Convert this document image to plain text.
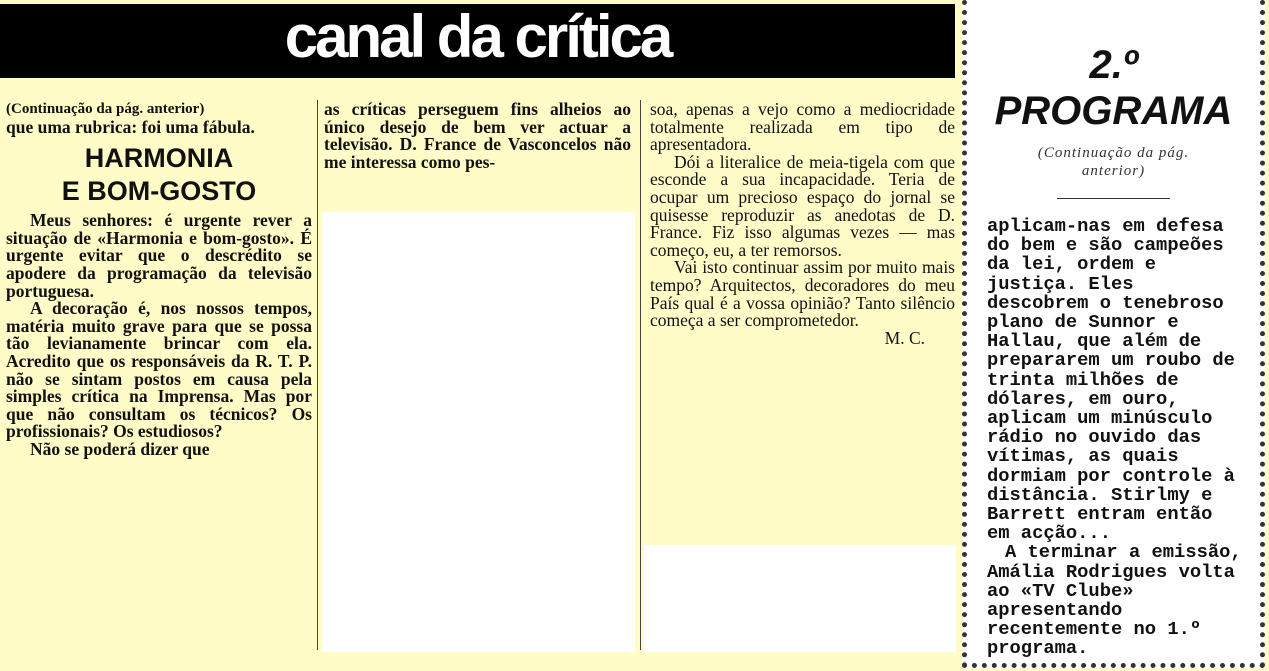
canal da crítica

(Continuação da pág. anterior)

que uma rubrica: foi uma fábula.

HARMONIA
E BOM-GOSTO

Meus senhores: é urgente rever a situação de «Harmonia e bom-gosto». É urgente evitar que o descrédito se apodere da programação da televisão portuguesa.

A decoração é, nos nossos tempos, matéria muito grave para que se possa tão levianamente brincar com ela. Acredito que os responsáveis da R. T. P. não se sintam postos em causa pela simples crítica na Imprensa. Mas por que não consultam os técnicos? Os profissionais? Os estudiosos?

Não se poderá dizer que

as críticas perseguem fins alheios ao único desejo de bem ver actuar a televisão. D. France de Vasconcelos não me interessa como pes-

soa, apenas a vejo como a mediocridade totalmente realizada em tipo de apresentadora.

Dói a literalice de meia-tigela com que esconde a sua incapacidade. Teria de ocupar um precioso espaço do jornal se quisesse reproduzir as anedotas de D. France. Fiz isso algumas vezes — mas começo, eu, a ter remorsos.

Vai isto continuar assim por muito mais tempo? Arquitectos, decoradores do meu País qual é a vossa opinião? Tanto silêncio começa a ser comprometedor.

M. C.

2.º PROGRAMA
(Continuação da pág. anterior)

aplicam-nas em defesa do bem e são campeões da lei, ordem e justiça. Eles descobrem o tenebroso plano de Sunnor e Hallau, que além de prepararem um roubo de trinta milhões de dólares, em ouro, aplicam um minúsculo rádio no ouvido das vítimas, as quais dormiam por controle à distância. Stirlmy e Barrett entram então em acção...

A terminar a emissão, Amália Rodrigues volta ao «TV Clube» apresentando recentemente no 1.º programa.
